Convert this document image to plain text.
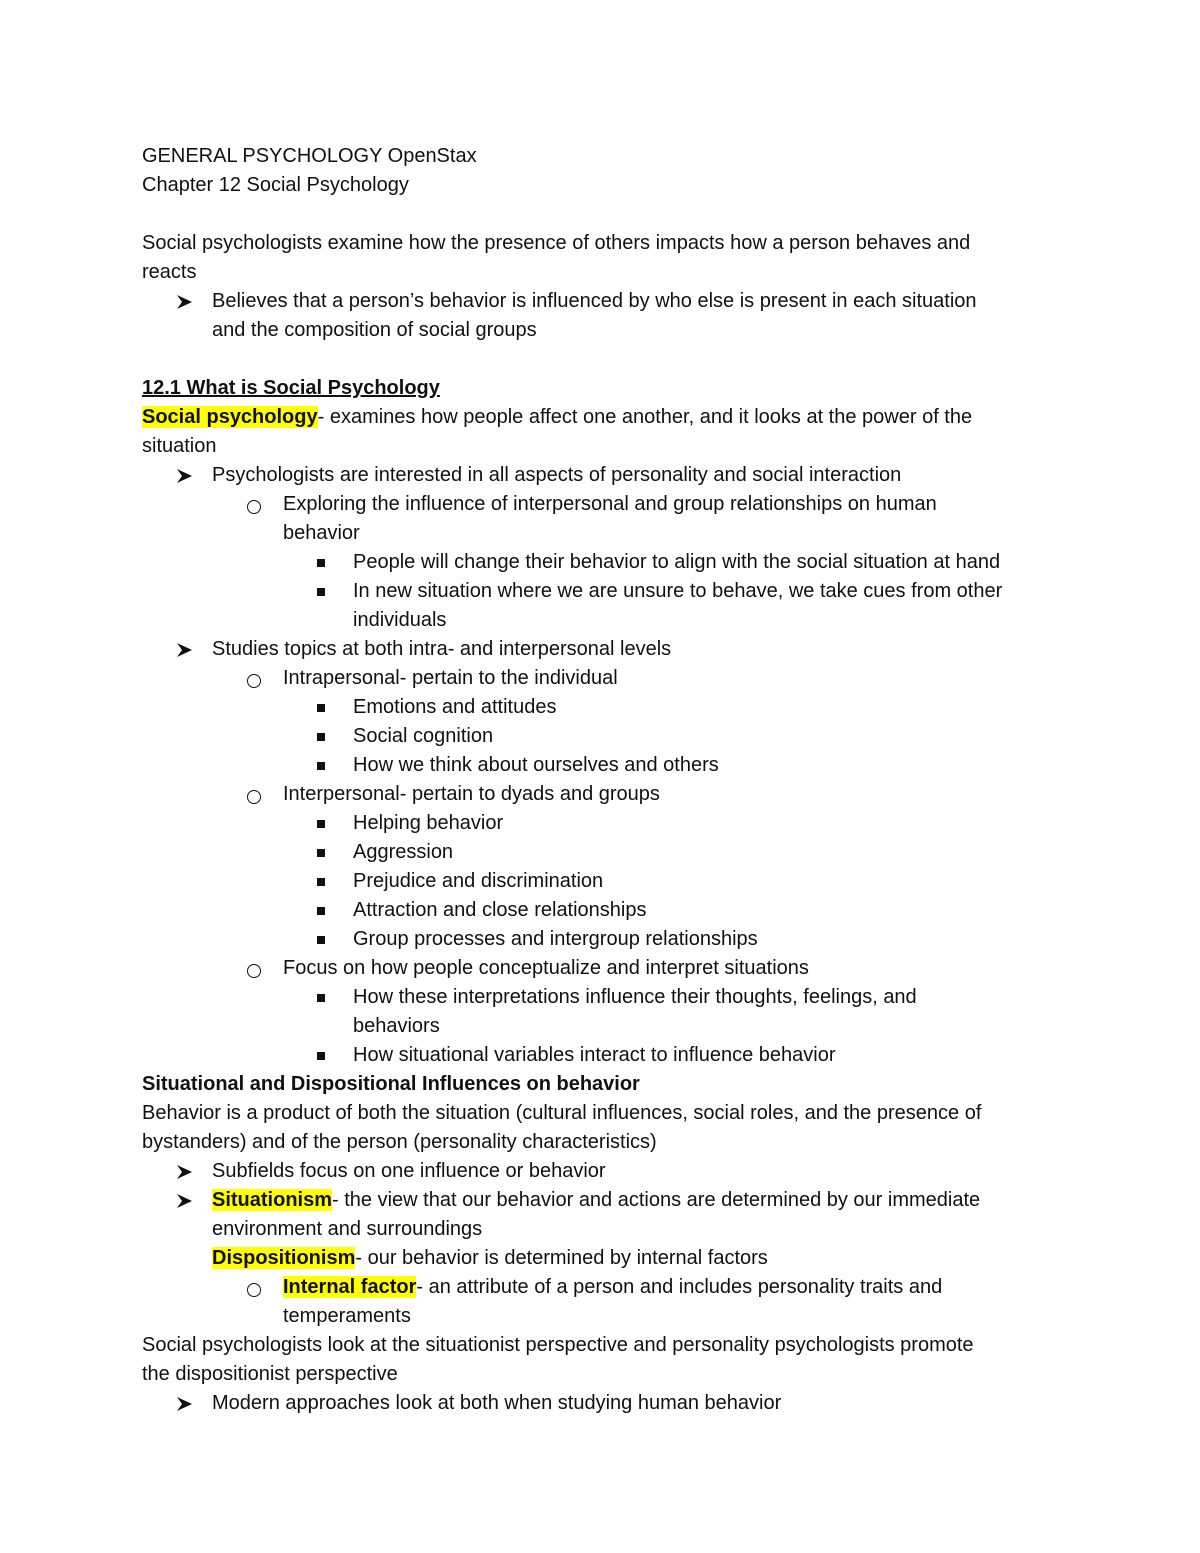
GENERAL PSYCHOLOGY OpenStax
Chapter 12 Social Psychology
Social psychologists examine how the presence of others impacts how a person behaves and
reacts
Believes that a person’s behavior is influenced by who else is present in each situation
and the composition of social groups
12.1 What is Social Psychology
Social psychology- examines how people affect one another, and it looks at the power of the
situation
Psychologists are interested in all aspects of personality and social interaction
Exploring the influence of interpersonal and group relationships on human
behavior
People will change their behavior to align with the social situation at hand
In new situation where we are unsure to behave, we take cues from other
individuals
Studies topics at both intra- and interpersonal levels
Intrapersonal- pertain to the individual
Emotions and attitudes
Social cognition
How we think about ourselves and others
Interpersonal- pertain to dyads and groups
Helping behavior
Aggression
Prejudice and discrimination
Attraction and close relationships
Group processes and intergroup relationships
Focus on how people conceptualize and interpret situations
How these interpretations influence their thoughts, feelings, and
behaviors
How situational variables interact to influence behavior
Situational and Dispositional Influences on behavior
Behavior is a product of both the situation (cultural influences, social roles, and the presence of
bystanders) and of the person (personality characteristics)
Subfields focus on one influence or behavior
Situationism- the view that our behavior and actions are determined by our immediate
environment and surroundings
Dispositionism- our behavior is determined by internal factors
Internal factor- an attribute of a person and includes personality traits and
temperaments
Social psychologists look at the situationist perspective and personality psychologists promote
the dispositionist perspective
Modern approaches look at both when studying human behavior
